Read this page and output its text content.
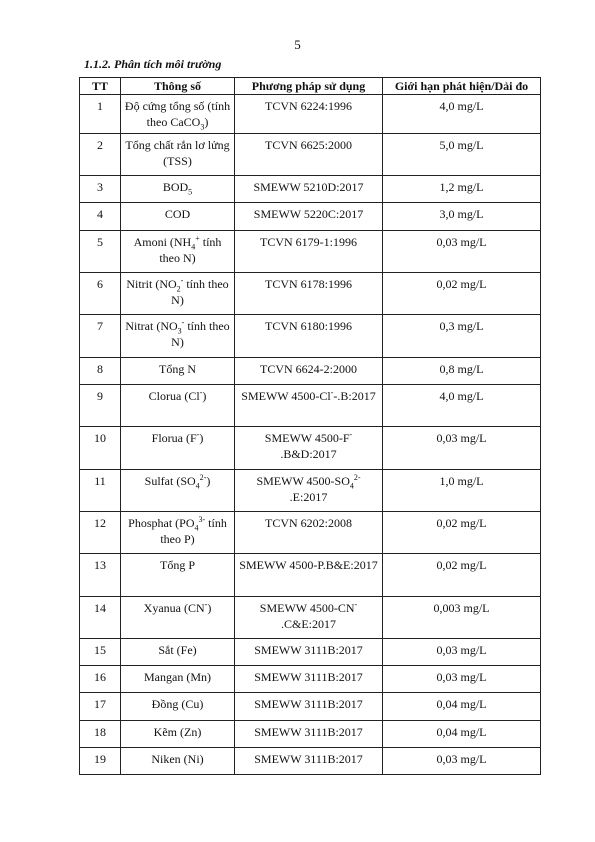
5
1.1.2. Phân tích môi trường
TT	Thông số	Phương pháp sử dụng	Giới hạn phát hiện/Dải đo
1	Độ cứng tổng số (tính theo CaCO$_3$)	TCVN 6224:1996	4,0 mg/L
2	Tổng chất rắn lơ lửng (TSS)	TCVN 6625:2000	5,0 mg/L
3	$BOD_5$	SMEWW 5210D:2017	1,2 mg/L
4	COD	SMEWW 5220C:2017	3,0 mg/L
5	Amoni ($NH_4^+$ tính theo N)	TCVN 6179-1:1996	0,03 mg/L
6	Nitrit ($NO_2^-$ tính theo N)	TCVN 6178:1996	0,02 mg/L
7	Nitrat ($NO_3^-$ tính theo N)	TCVN 6180:1996	0,3 mg/L
8	Tổng N	TCVN 6624-2:2000	0,8 mg/L
9	Clorua (Cl-)	SMEWW 4500-Cl--.B:2017	4,0 mg/L
10	Florua (F-)	SMEWW 4500-F- .B&D:2017	0,03 mg/L
11	Sulfat $(SO_4^{2-})$	SMEWW $4500-SO_4^{2-}$ .E:2017	1,0 mg/L
12	Phosphat ($PO_4^{3-}$ tính theo P)	TCVN 6202:2008	0,02 mg/L
13	Tổng P	SMEWW 4500-P.B&E:2017	0,02 mg/L
14	Xyanua (CN-)	SMEWW 4500-CN- .C&E:2017	0,003 mg/L
15	Sắt (Fe)	SMEWW 3111B:2017	0,03 mg/L
16	Mangan (Mn)	SMEWW 3111B:2017	0,03 mg/L
17	Đồng (Cu)	SMEWW 3111B:2017	0,04 mg/L
18	Kẽm (Zn)	SMEWW 3111B:2017	0,04 mg/L
19	Niken (Ni)	SMEWW 3111B:2017	0,03 mg/L
